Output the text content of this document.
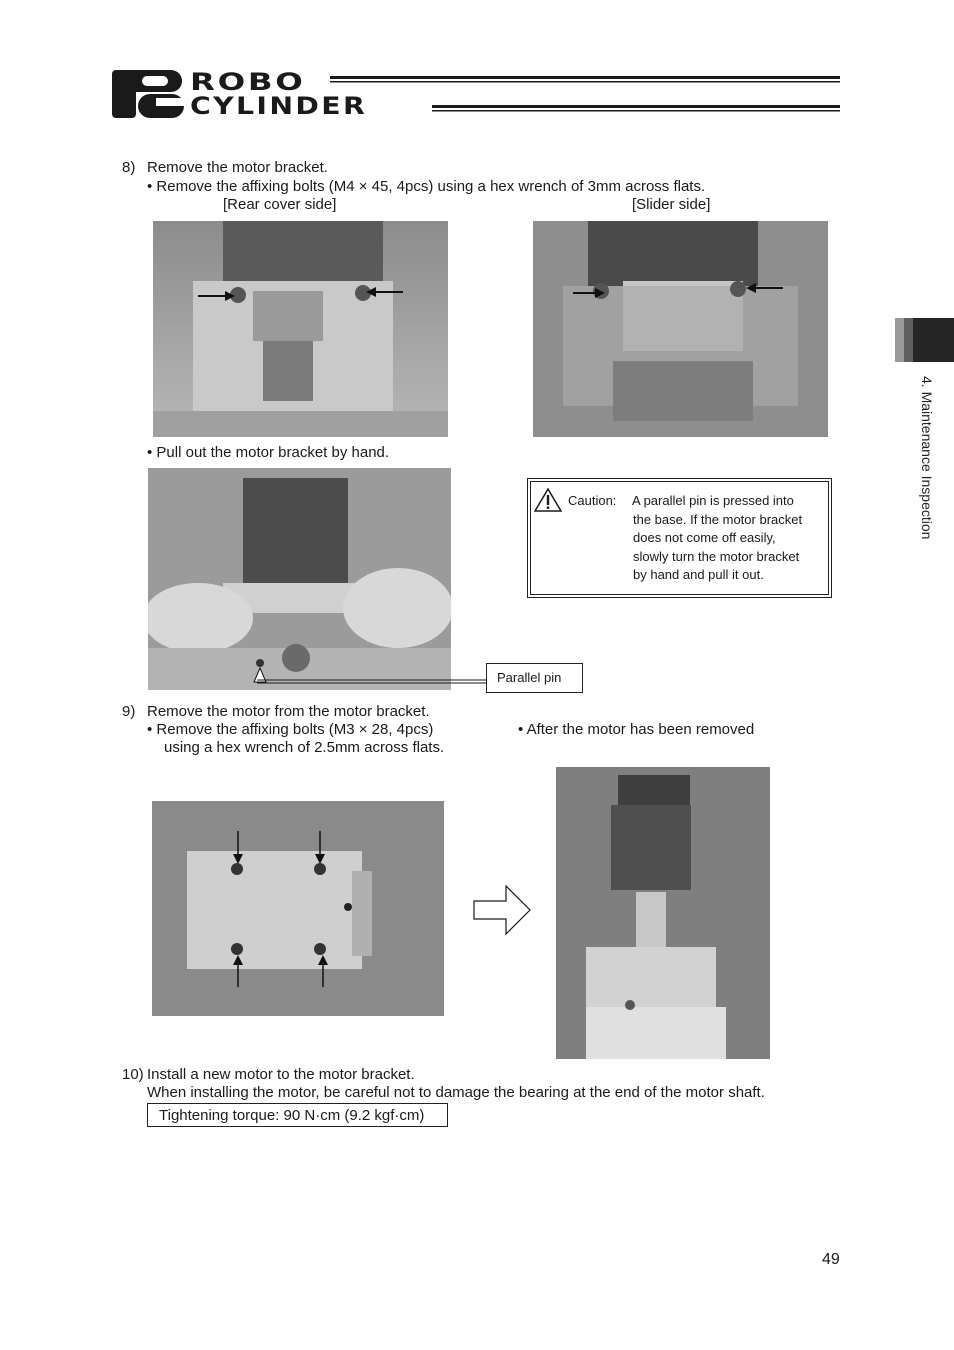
ROBO
CYLINDER
4. Maintenance Inspection
8) Remove the motor bracket.
• Remove the affixing bolts (M4 × 45, 4pcs) using a hex wrench of 3mm across flats.
[Rear cover side]	[Slider side]
• Pull out the motor bracket by hand.
Caution: A parallel pin is pressed into
the base. If the motor bracket
does not come off easily,
slowly turn the motor bracket
by hand and pull it out.
Parallel pin
9) Remove the motor from the motor bracket.
• Remove the affixing bolts (M3 × 28, 4pcs)
using a hex wrench of 2.5mm across flats.
• After the motor has been removed
10) Install a new motor to the motor bracket.
When installing the motor, be careful not to damage the bearing at the end of the motor shaft.
Tightening torque: 90 N·cm (9.2 kgf·cm)
49
